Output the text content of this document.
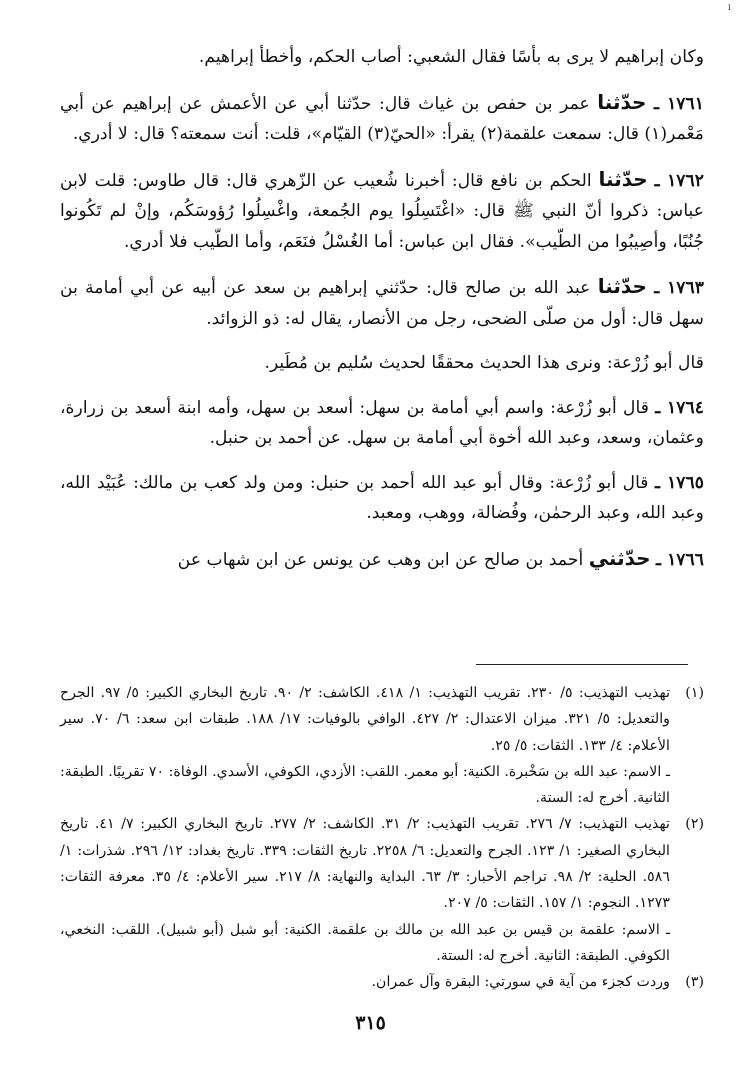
ı

وكان إبراهيم لا يرى به بأسًا فقال الشعبي: أصاب الحكم، وأخطأ إبراهيم.

١٧٦١ ـ حدّثنا عمر بن حفص بن غياث قال: حدّثنا أبي عن الأعمش عن إبراهيم عن أبي مَعْمر(١) قال: سمعت علقمة(٢) يقرأ: «الحيّ(٣) القيّام»، قلت: أنت سمعته؟ قال: لا أدري.

١٧٦٢ ـ حدّثنا الحكم بن نافع قال: أخبرنا شُعيب عن الزّهري قال: قال طاوس: قلت لابن عباس: ذكروا أنّ النبي ﷺ قال: «اغْتَسِلُوا يوم الجُمعة، واغْسِلُوا رُؤوسَكُم، وإنْ لم تَكُونوا جُنُبًا، وأصِيبُوا من الطّيب». فقال ابن عباس: أما الغُسْلُ فنَعَم، وأما الطّيب فلا أدري.

١٧٦٣ ـ حدّثنا عبد الله بن صالح قال: حدّثني إبراهيم بن سعد عن أبيه عن أبي أمامة بن سهل قال: أول من صلّى الضحى، رجل من الأنصار، يقال له: ذو الزوائد.

قال أبو زُرْعة: ونرى هذا الحديث محققًا لحديث سُليم بن مُطَير.

١٧٦٤ ـ قال أبو زُرْعة: واسم أبي أمامة بن سهل: أسعد بن سهل، وأمه ابنة أسعد بن زرارة، وعثمان، وسعد، وعبد الله أخوة أبي أمامة بن سهل. عن أحمد بن حنبل.

١٧٦٥ ـ قال أبو زُرْعة: وقال أبو عبد الله أحمد بن حنبل: ومن ولد كعب بن مالك: عُبَيْد الله، وعبد الله، وعبد الرحمٰن، وفُضالة، ووهب، ومعبد.

١٧٦٦ ـ حدّثني أحمد بن صالح عن ابن وهب عن يونس عن ابن شهاب عن

(١)
تهذيب التهذيب: ٥/ ٢٣٠. تقريب التهذيب: ١/ ٤١٨. الكاشف: ٢/ ٩٠. تاريخ البخاري الكبير: ٥/ ٩٧. الجرح والتعديل: ٥/ ٣٢١. ميزان الاعتدال: ٢/ ٤٢٧. الوافي بالوفيات: ١٧/ ١٨٨. طبقات ابن سعد: ٦/ ٧٠. سير الأعلام: ٤/ ١٣٣. الثقات: ٥/ ٢٥.
ـ الاسم: عبد الله بن سَخْبرة. الكنية: أبو معمر. اللقب: الأزدي، الكوفي، الأسدي. الوفاة: ٧٠ تقريبًا. الطبقة: الثانية. أخرج له: الستة.
(٢)
تهذيب التهذيب: ٧/ ٢٧٦. تقريب التهذيب: ٢/ ٣١. الكاشف: ٢/ ٢٧٧. تاريخ البخاري الكبير: ٧/ ٤١. تاريخ البخاري الصغير: ١/ ١٢٣. الجرح والتعديل: ٦/ ٢٢٥٨. تاريخ الثقات: ٣٣٩. تاريخ بغداد: ١٢/ ٢٩٦. شذرات: ١/ ٥٨٦. الحلية: ٢/ ٩٨. تراجم الأحبار: ٣/ ٦٣. البداية والنهاية: ٨/ ٢١٧. سير الأعلام: ٤/ ٣٥. معرفة الثقات: ١٢٧٣. النجوم: ١/ ١٥٧. الثقات: ٥/ ٢٠٧.
ـ الاسم: علقمة بن قيس بن عبد الله بن مالك بن علقمة. الكنية: أبو شبل (أبو شبيل). اللقب: النخعي، الكوفي. الطبقة: الثانية. أخرج له: الستة.
(٣)
وردت كجزء من آية في سورتي: البقرة وآل عمران.
٣١٥
